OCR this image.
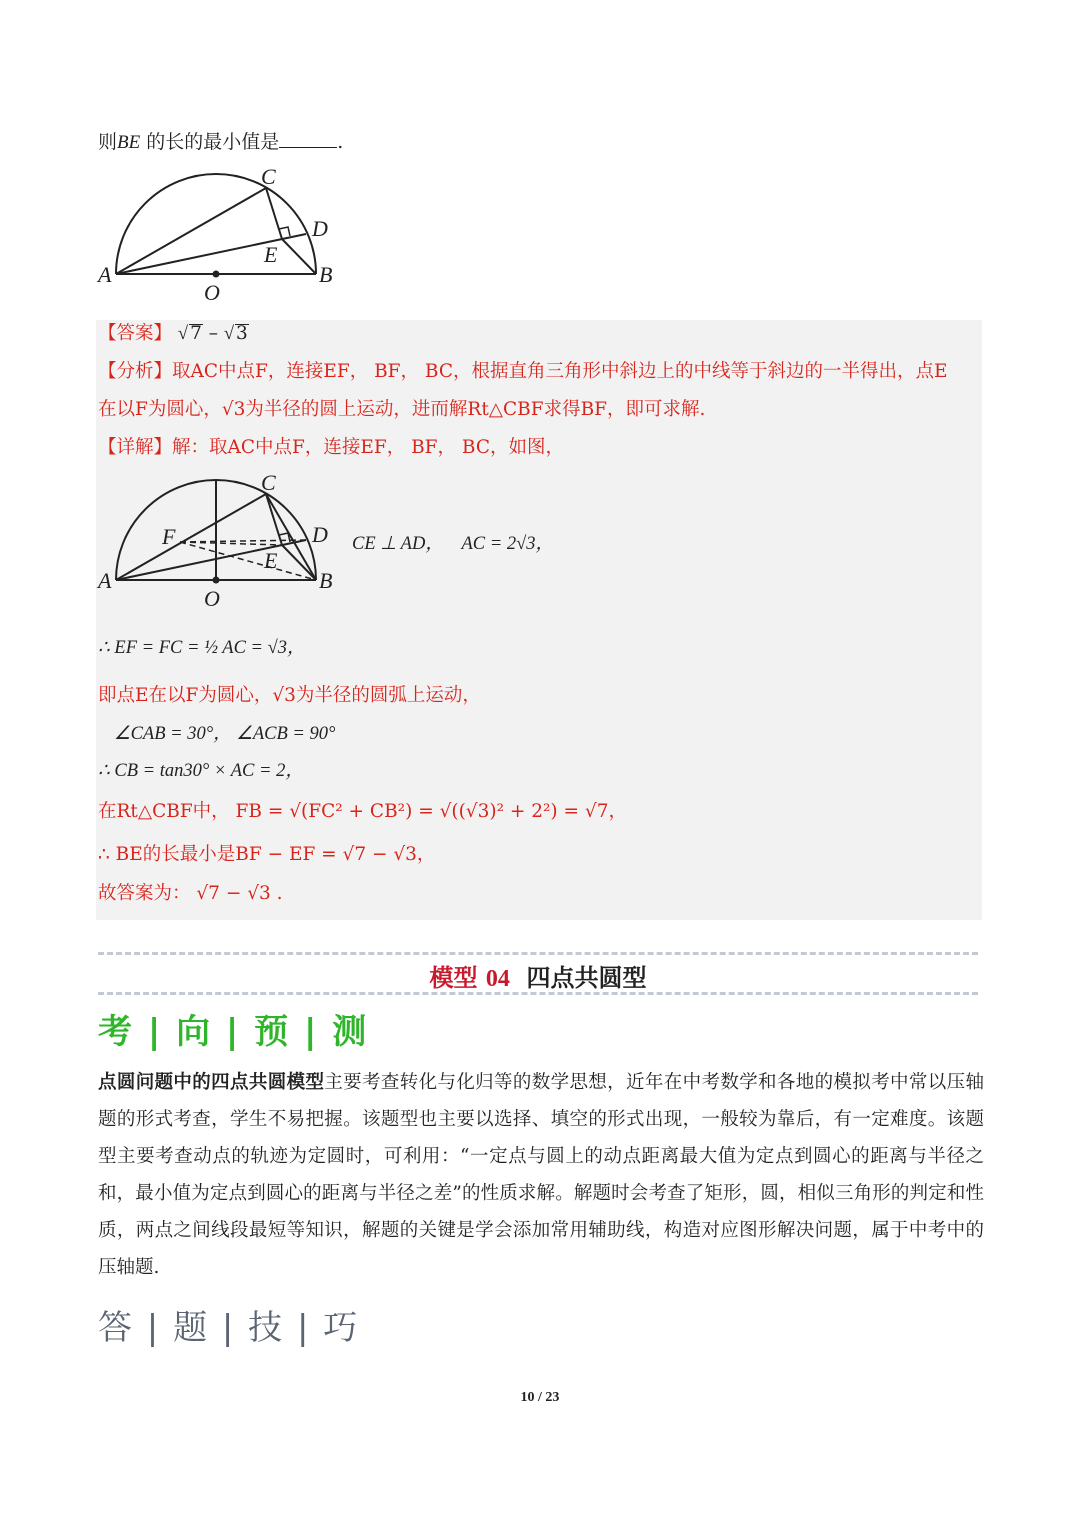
则BE 的长的最小值是	.
A	B
C
D
E
O
【答案】 √ 7 – √ 3
【分析】取AC中点F，连接EF， BF， BC，根据直角三角形中斜边上的中线等于斜边的一半得出，点E
在以F为圆心，√3为半径的圆上运动，进而解Rt△CBF求得BF，即可求解.
【详解】解：取AC中点F，连接EF， BF， BC，如图，
A	B
C
D
E
F
O
CE ⊥ AD， AC = 2√3，
∴ EF = FC = ½ AC = √3，
即点E在以F为圆心，√3为半径的圆弧上运动，
∠CAB = 30°， ∠ACB = 90°
∴ CB = tan30° × AC = 2，
在Rt△CBF中， FB = √(FC² + CB²) = √((√3)² + 2²) = √7，
∴ BE的长最小是BF − EF = √7 − √3，
故答案为： √7 − √3 .
模型 04 四点共圆型
考 | 向 | 预 | 测
点圆问题中的四点共圆模型主要考查转化与化归等的数学思想，近年在中考数学和各地的模拟考中常以压轴题的形式考查，学生不易把握。该题型也主要以选择、填空的形式出现，一般较为靠后，有一定难度。该题型主要考查动点的轨迹为定圆时，可利用：“一定点与圆上的动点距离最大值为定点到圆心的距离与半径之和，最小值为定点到圆心的距离与半径之差”的性质求解。解题时会考查了矩形，圆，相似三角形的判定和性质，两点之间线段最短等知识，解题的关键是学会添加常用辅助线，构造对应图形解决问题，属于中考中的压轴题.
答 | 题 | 技 | 巧
10 / 23
